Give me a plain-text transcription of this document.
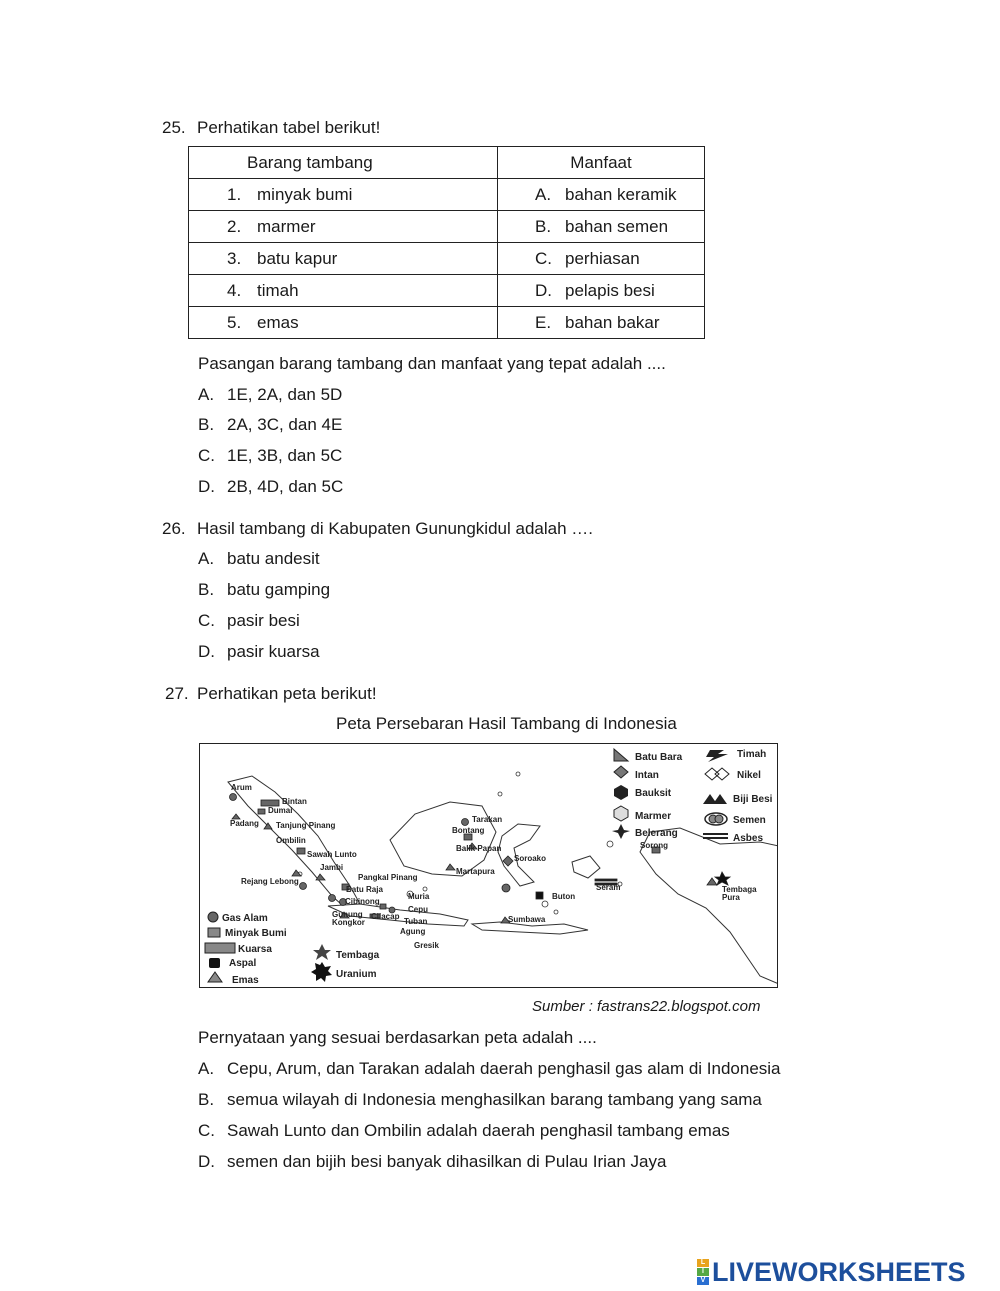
25. Perhatikan tabel berikut!
Barang tambang	Manfaat
1. minyak bumi	A. bahan keramik
2. marmer	B. bahan semen
3. batu kapur	C. perhiasan
4. timah	D. pelapis besi
5. emas	E. bahan bakar
Pasangan barang tambang dan manfaat yang tepat adalah ....
A. 1E, 2A, dan 5D
B. 2A, 3C, dan 4E
C. 1E, 3B, dan 5C
D. 2B, 4D, dan 5C
26. Hasil tambang di Kabupaten Gunungkidul adalah ….
A. batu andesit
B. batu gamping
C. pasir besi
D. pasir kuarsa
27. Perhatikan peta berikut!
Peta Persebaran Hasil Tambang di Indonesia
Arum
Bintan
Dumai
Padang Tanjung Pinang
Ombilin
Sawah Lunto
Jambi
Rejang Lebong	Pangkal Pinang
Batu Raja
Cibinong
Gunung
Kongkor
Cilacap
Cepu
Muria
Tuban
Agung
Gresik
Tarakan
Bontang
Balik Papan
Martapura
Soroako
Buton
Sumbawa
Sorong
Seram	Tembaga
Pura
Gas Alam
Minyak Bumi
Kuarsa
Aspal
Emas
Tembaga
Uranium
Batu Bara
Intan
Bauksit
Marmer
Belerang
Timah
Nikel
Biji Besi
Semen
Asbes
Sumber : fastrans22.blogspot.com
Pernyataan yang sesuai berdasarkan peta adalah ....
A. Cepu, Arum, dan Tarakan adalah daerah penghasil gas alam di Indonesia
B. semua wilayah di Indonesia menghasilkan barang tambang yang sama
C. Sawah Lunto dan Ombilin adalah daerah penghasil tambang emas
D. semen dan bijih besi banyak dihasilkan di Pulau Irian Jaya
L
I
V LIVEWORKSHEETS
